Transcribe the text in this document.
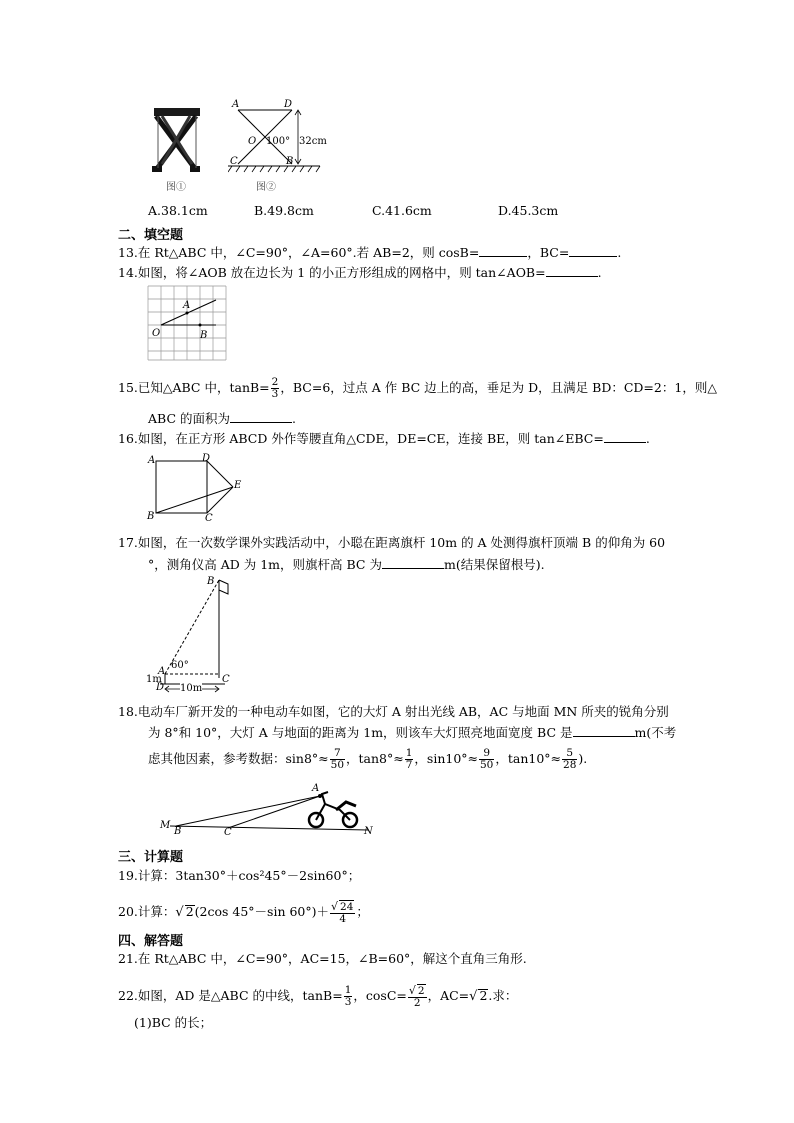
图①
A	D
O 100° 32cm
C	B
图②
A.38.1cm	B.49.8cm	C.41.6cm	D.45.3cm
二、填空题
13.在 Rt△ABC 中，∠C=90°，∠A=60°.若 AB=2，则 cosB=	，BC=	.
14.如图，将∠AOB 放在边长为 1 的小正方形组成的网格中，则 tan∠AOB=	.
A
O	B
15.已知△ABC 中，$\tan B= \frac{2}{3}$ ，BC=6，过点 A 作 BC 边上的高，垂足为 D，且满足 BD：CD=2：1，则△
ABC 的面积为	.
16.如图，在正方形 ABCD 外作等腰直角△CDE，DE=CE，连接 BE，则 tan∠EBC=	.
A	D
E
B	C
17.如图，在一次数学课外实践活动中，小聪在距离旗杆 10m 的 A 处测得旗杆顶端 B 的仰角为 60
°，测角仪高 AD 为 1m，则旗杆高 BC 为	m(结果保留根号).
B
60°
A
1m	C
D 10m
18.电动车厂新开发的一种电动车如图，它的大灯 A 射出光线 AB，AC 与地面 MN 所夹的锐角分别
为 8°和 10°，大灯 A 与地面的距离为 1m，则该车大灯照亮地面宽度 BC 是	m(不考
虑其他因素，参考数据：$\sin 8^\circ\approx \frac{7}{50}$ ，$\tan 8^\circ\approx \frac{1}{7}$ ，$\sin 10^\circ\approx \frac{9}{50}$ ，$\tan 10^\circ\approx \frac{5}{28}$ ).
A
M
B	C	N
三、计算题
19.计算：3tan30°＋cos²45°－2sin60°；
20.计算：√ 2(2cos 45°－sin $60^\circ)+ \frac{√ 24}{4}$ ；
四、解答题
21.在 Rt△ABC 中，∠C=90°，AC=15，∠B=60°，解这个直角三角形.
22.如图，AD 是△ABC 的中线，$\tan B= \frac{1}{3}$ ，$\cos C= \frac{√ 2}{2}$ ，AC=√ 2.求：
(1)BC 的长；
